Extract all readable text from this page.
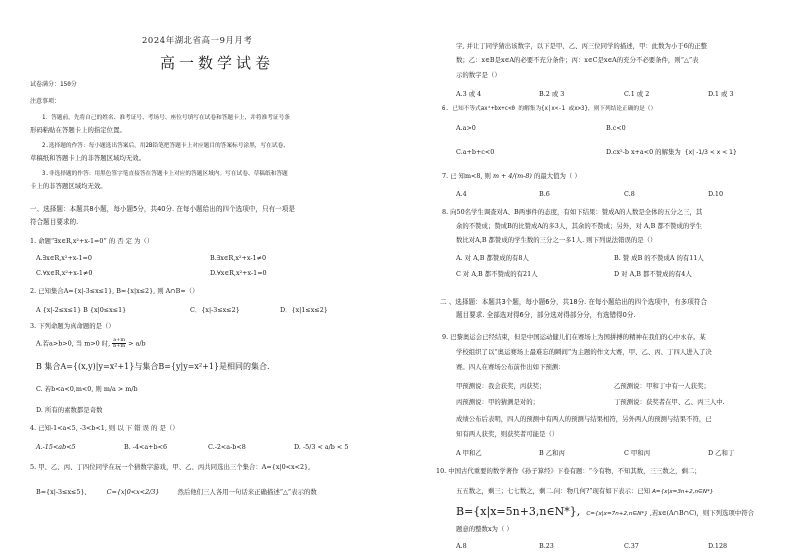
2024年湖北省高一9月月考
高一数学试卷
试卷满分：150分
注意事项：
1．答题前，先将自己的姓名、准考证号、考场号、座位号填写在试卷和答题卡上，并将准考证号条
形码粘贴在答题卡上的指定位置。
2.选择题的作答：每小题选出答案后，用2B铅笔把答题卡上对应题目的答案标号涂黑，写在试卷、
草稿纸和答题卡上的非答题区域均无效。
3.非选择题的作答：用黑色签字笔直接答在答题卡上对应的答题区域内。写在试卷、草稿纸和答题
卡上的非答题区域均无效。
一、选择题：本题共8小题，每小题5分，共40分. 在每小题给出的四个选项中，只有一项是
符合题目要求的.
1. 命题“∃x∈R,x²+x-1=0” 的 否 定 为（）
A.∃x∈R,x²+x-1=0	B.∃x∈R,x²+x-1≠0
C.∀x∈R,x²+x-1≠0	D.∀x∈R,x²+x-1=0
2. 已知集合A={x|-3≤x≤1}, B={x|x≤2}, 则 A∩B=（）
A {x|-2≤x≤1} B {x|0≤x≤1}	C．{x|-3≤x≤2}	D．{x|1≤x≤2}
3. 下列命题为真命题的是（）
A.若a>b>0, 当 m>0 时, $\frac{a+m}{b+m} > a/b$
B 集合A={(x,y)|y=x²+1}与集合B={y|y=x²+1}是相同的集合.
C. 若b<a<0,m<0, 则 m/a > m/b
D. 所有的素数都是奇数
4. 已知-1<a<5, -3<b<1, 则 以 下 错 误 的 是（）
A.-15<ab<5	B. -4<a+b<6	C.-2<a-b<8	D. -5/3 < a/b < 5
5. 甲、乙、丙、丁四位同学在玩一个猜数字游戏，甲、乙、丙共同选出三个集合：A={x|0<x<2},
B={x|-3≤x≤5},	C={x|0<x<2/3}	然后他们三人各用一句话来正确描述“△”表示的数
字, 并让丁同学猜出该数字，以下是甲、乙、丙三位同学的描述，甲：此数为小于6的正整
数；乙：x∈B是x∈A的必要不充分条件；丙：x∈C是x∈A的充分不必要条件，则“△”表
示的数字是（）
A.3 或 4	B.2 或 3	C.1 或 2	D.1 或 3
6. 已知不等式ax²+bx+c<0 的解集为{x|x<-1 或x>3}，则下列结论正确的是（）
A.a>0	B.c<0
C.a+b+c<0	D.cx²-b x+a<0 的解集为 {x| -1/3 < x < 1}
7. 已 知m<8, 则 m + 4/(m-8) 的最大值为（ ）
A.4	B.6	C.8	D.10
8. 向50名学生调查对A、B两事件的态度，有如下结果：赞成A的人数是全体的五分之三，其
余的不赞成；赞成B的比赞成A的多3人，其余的不赞成；另外，对 A,B 都不赞成的学生
数比对A,B 都赞成的学生数的三分之一多1人. 则下列说法错误的是（）
A. 对 A,B 都赞成的有8人	B. 赞 成B 的不赞成A 的有11人
C 对 A,B 都不赞成的有21人	D 对 A,B 都不赞成的有4人
二 、选择题：本题共3个题，每小题6分，共18分. 在每小题给出的四个选项中，有多项符合
题目要求. 全部选对得6分，部分选对得部分分，有选错得0分.
9. 巴黎奥运会已经结束，但是中国运动健儿们在赛场上为国拼搏的精神在我们的心中永存。某
学校组织了以“奥运赛场上最难忘的瞬间”为主题的作文大赛，甲、乙、丙、丁四人进入了决
赛。四人在赛场公布前作出如下预测：
甲预测说：我会获奖，丙获奖；	乙预测说：甲和丁中有一人获奖；
丙预测说：甲的猜测是对的；	丁预测说：获奖者在甲、乙、丙三人中.
成绩公布后表明，四人的预测中有两人的预测与结果相符，另外两人的预测与结果不符，已
知有两人获奖，则获奖者可能是（）
A 甲和乙	B 乙和丙	C 甲和丙	D 乙和丁
10. 中国古代重要的数学著作《孙子算经》下卷有题：“今有物，不知其数，三三数之，剩二；
五五数之，剩三；七七数之，剩二.问：物几何?”现有如下表示：已知 A={x|x=3n+2,n∈N*}
B={x|x=5n+3,n∈N*}, C={x|x=7n+2,n∈N*} ,若x∈(A∩B∩C)，则下列选项中符合
题意的整数x为（ ）
A.8	B.23	C.37	D.128
